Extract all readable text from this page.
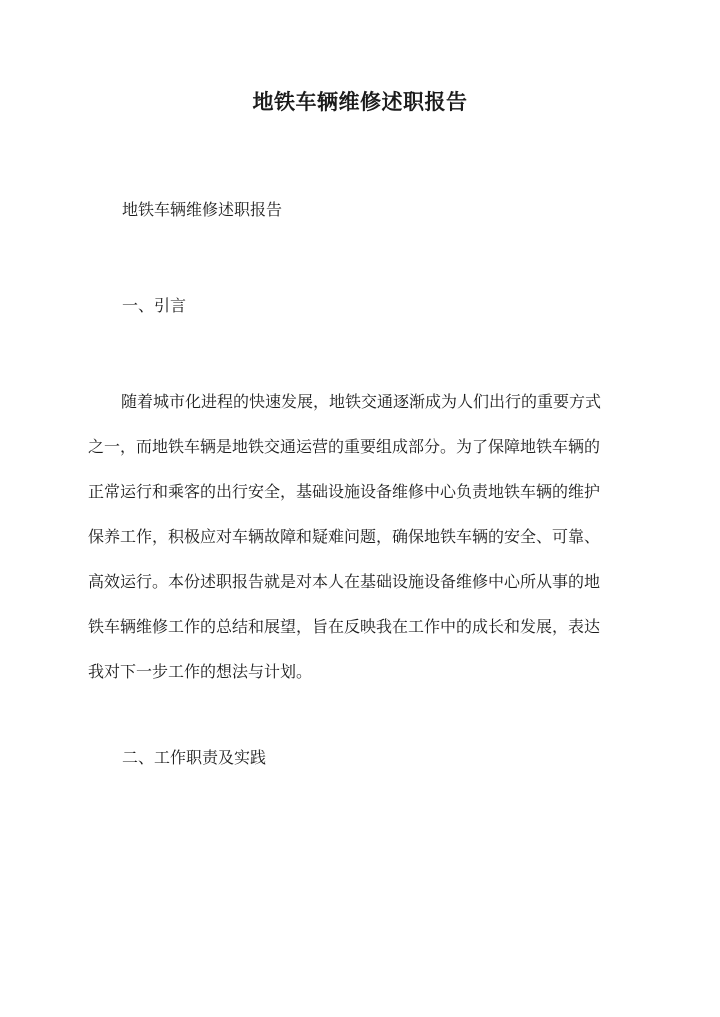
地铁车辆维修述职报告

地铁车辆维修述职报告

一、引言

随着城市化进程的快速发展，地铁交通逐渐成为人们出行的重要方式
之一，而地铁车辆是地铁交通运营的重要组成部分。为了保障地铁车辆的
正常运行和乘客的出行安全，基础设施设备维修中心负责地铁车辆的维护
保养工作，积极应对车辆故障和疑难问题，确保地铁车辆的安全、可靠、
高效运行。本份述职报告就是对本人在基础设施设备维修中心所从事的地
铁车辆维修工作的总结和展望，旨在反映我在工作中的成长和发展，表达
我对下一步工作的想法与计划。

二、工作职责及实践
